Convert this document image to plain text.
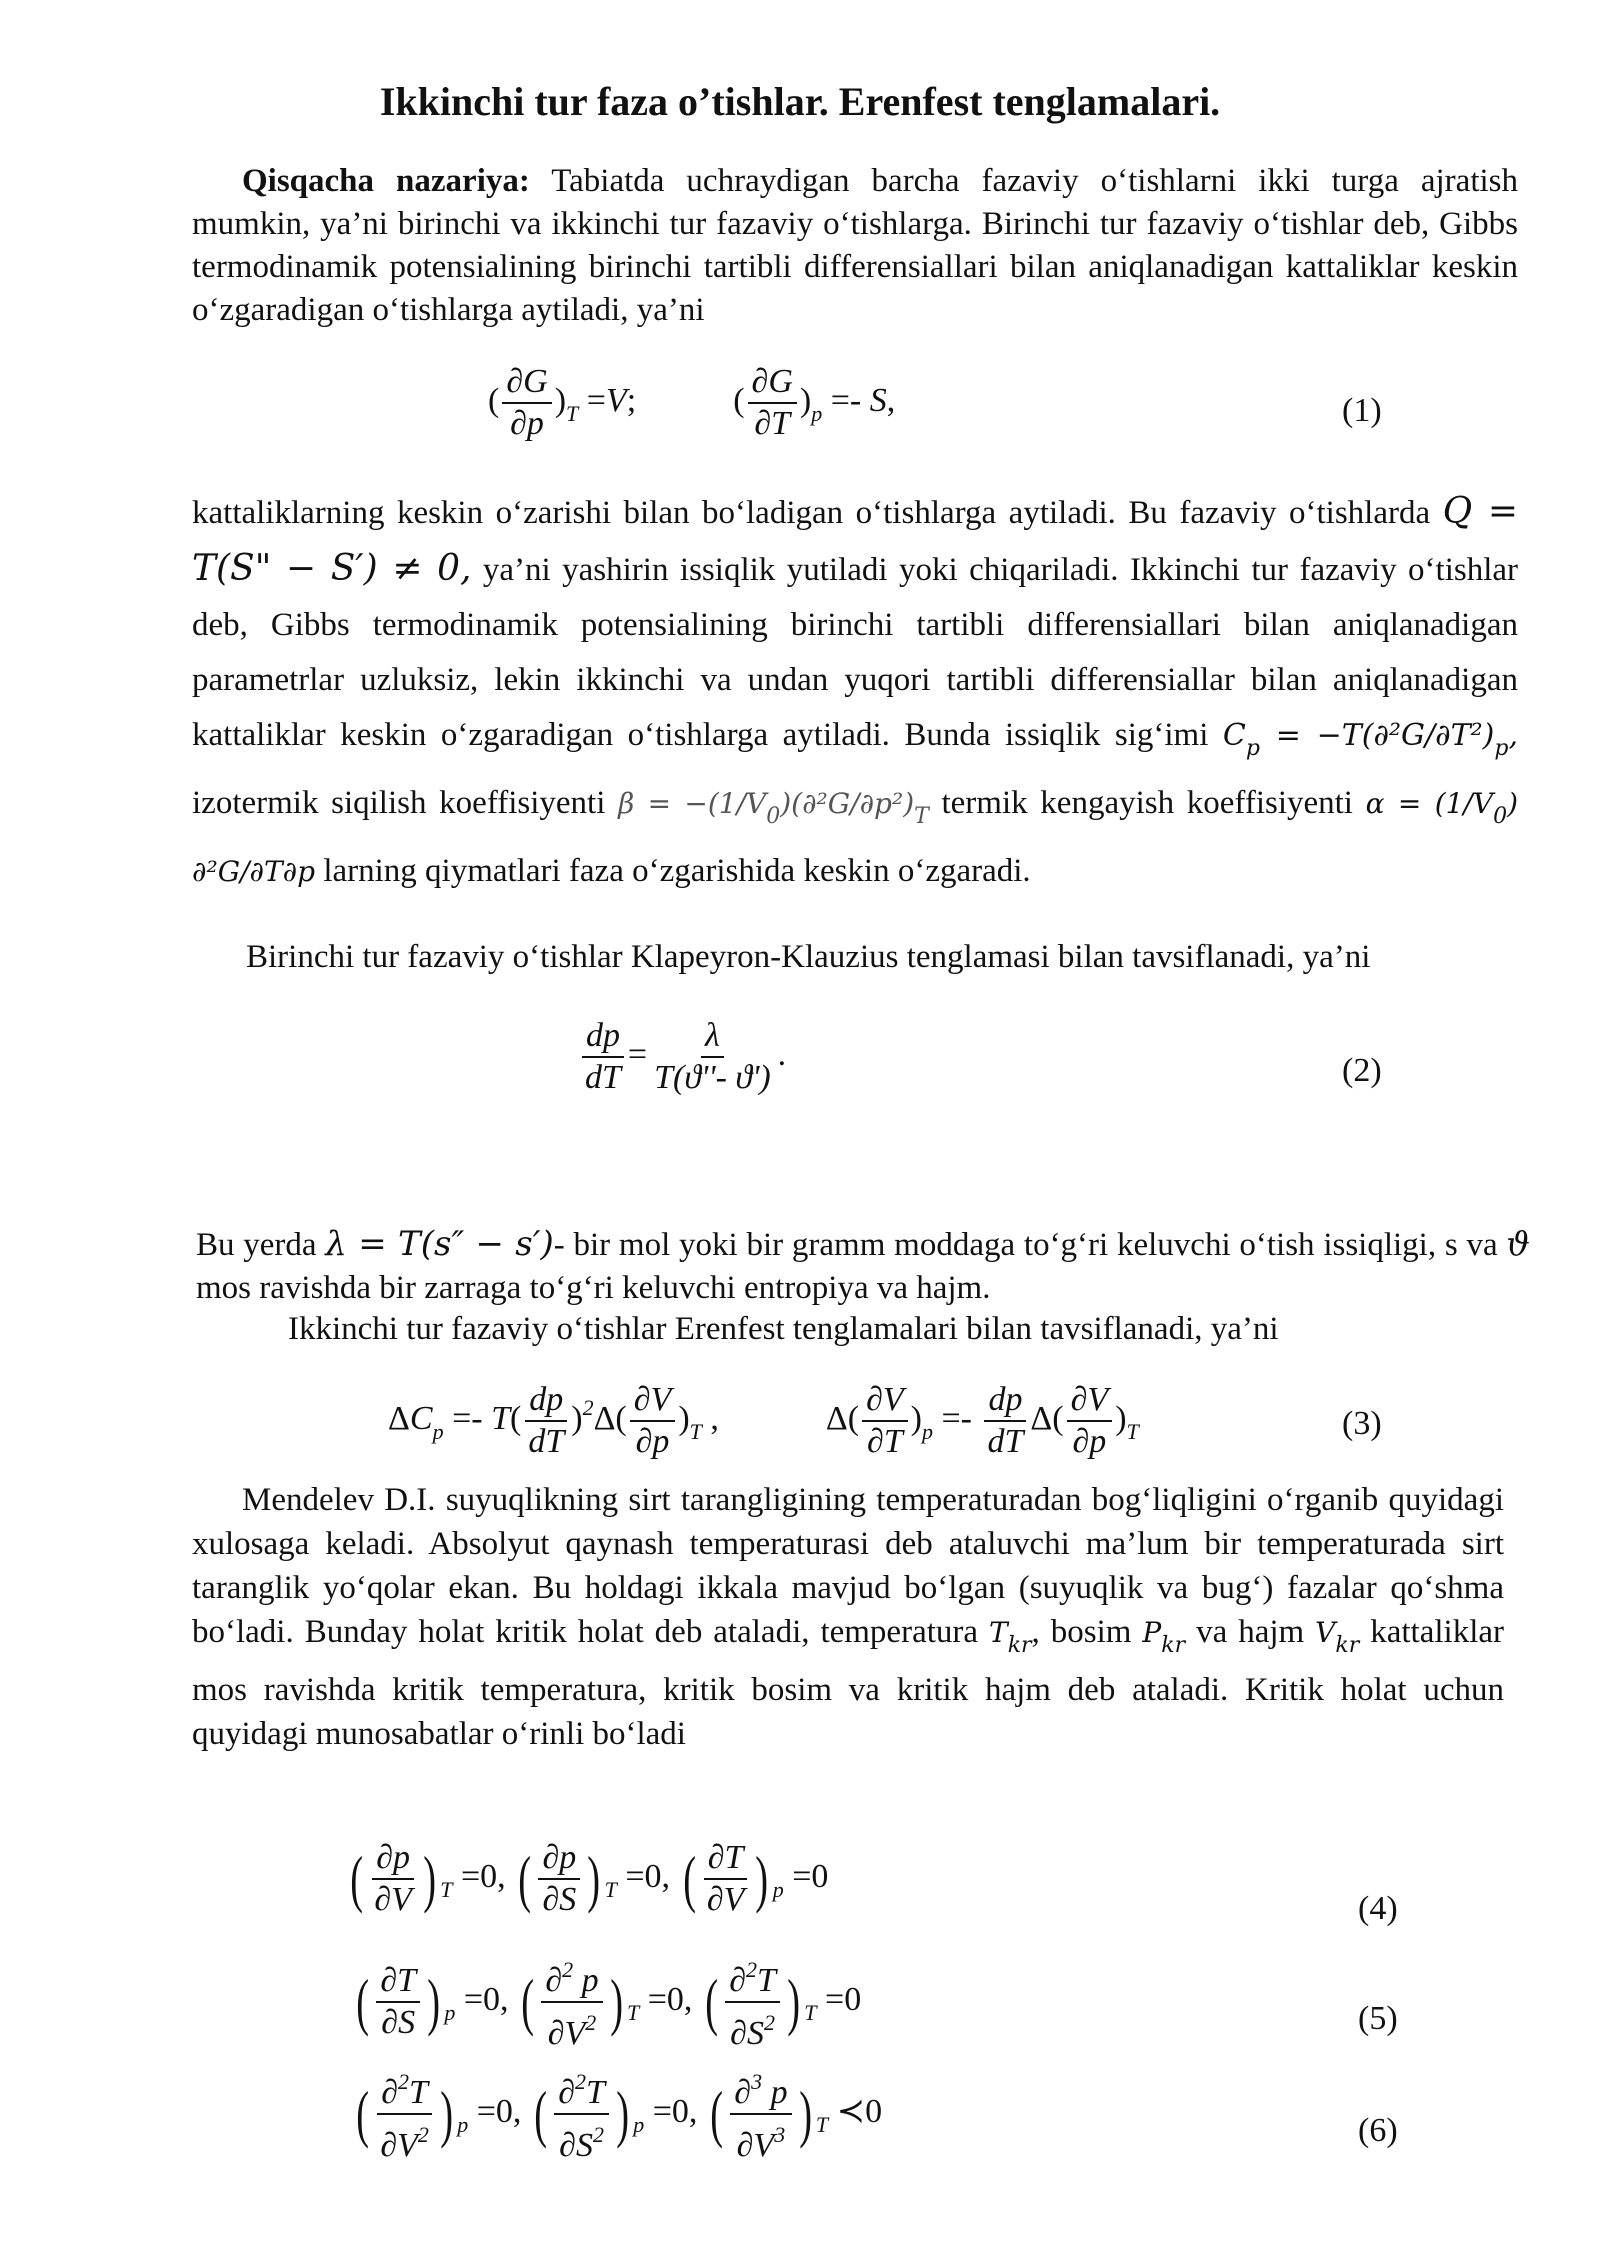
Ikkinchi tur faza o’tishlar. Erenfest tenglamalari.
Qisqacha nazariya: Tabiatda uchraydigan barcha fazaviy o‘tishlarni ikki turga ajratish mumkin, ya’ni birinchi va ikkinchi tur fazaviy o‘tishlarga. Birinchi tur fazaviy o‘tishlar deb, Gibbs termodinamik potensialining birinchi tartibli differensiallari bilan aniqlanadigan kattaliklar keskin o‘zgaradigan o‘tishlarga aytiladi, ya’ni
( $\frac{\partial G}{\partial p} )_T =V$;	( $\frac{\partial G}{\partial T} )_p =- S$,	(1)
kattaliklarning keskin o‘zarishi bilan bo‘ladigan o‘tishlarga aytiladi. Bu fazaviy o‘tishlarda Q = T(S" − S′) ≠ 0, ya’ni yashirin issiqlik yutiladi yoki chiqariladi. Ikkinchi tur fazaviy o‘tishlar deb, Gibbs termodinamik potensialining birinchi tartibli differensiallari bilan aniqlanadigan parametrlar uzluksiz, lekin ikkinchi va undan yuqori tartibli differensiallar bilan aniqlanadigan kattaliklar keskin o‘zgaradigan o‘tishlarga aytiladi. Bunda issiqlik sig‘imi $C_p = -T(\partial^2G/\partial T^2)_p$, izotermik siqilish koeffisiyenti $\beta = -(1/V_0)(\partial^2G/\partial p^2)_T$ termik kengayish koeffisiyenti $\alpha = (1/V_0)$ ∂²G/∂T∂p larning qiymatlari faza o‘zgarishida keskin o‘zgaradi.
Birinchi tur fazaviy o‘tishlar Klapeyron-Klauzius tenglamasi bilan tavsiflanadi, ya’ni
$\frac{dp}{dT} = \frac{\lambda}{T(ϑ''- ϑ')}$ .	(2)
Bu yerda λ = T(s″ − s′)- bir mol yoki bir gramm moddaga to‘g‘ri keluvchi o‘tish issiqligi, s va ϑ mos ravishda bir zarraga to‘g‘ri keluvchi entropiya va hajm.
Ikkinchi tur fazaviy o‘tishlar Erenfest tenglamalari bilan tavsiflanadi, ya’ni
$\Delta C_p =- T( \frac{dp}{dT} )^2\Delta( \frac{\partial V}{\partial p} )_T$ ,	$\Delta( \frac{\partial V}{\partial T} )_p =- \frac{dp}{dT} \Delta( \frac{\partial V}{\partial p} )_T$	(3)
Mendelev D.I. suyuqlikning sirt tarangligining temperaturadan bog‘liqligini o‘rganib quyidagi xulosaga keladi. Absolyut qaynash temperaturasi deb ataluvchi ma’lum bir temperaturada sirt taranglik yo‘qolar ekan. Bu holdagi ikkala mavjud bo‘lgan (suyuqlik va bug‘) fazalar qo‘shma bo‘ladi. Bunday holat kritik holat deb ataladi, temperatura $T_{kr}$, bosim $P_{kr}$ va hajm $V_{kr}$ kattaliklar mos ravishda kritik temperatura, kritik bosim va kritik hajm deb ataladi. Kritik holat uchun quyidagi munosabatlar o‘rinli bo‘ladi
( $\frac{\partial p}{\partial V}$ ) $_T$ =0, ( $\frac{\partial p}{\partial S}$ ) $_T$ =0, ( $\frac{\partial T}{\partial V}$ ) $_p$ =0
(4)
( $\frac{\partial T}{\partial S}$ ) $_p$ =0, ( $\frac{\partial^2 p}{\partial V^2}$ ) $_T$ =0, ( $\frac{\partial^2T}{\partial S^2}$ ) $_T$ =0
(5)
( $\frac{\partial^2T}{\partial V^2}$ ) $_p$ =0, ( $\frac{\partial^2T}{\partial S^2}$ ) $_p$ =0, ( $\frac{\partial^3 p}{\partial V^3}$ ) $_T$ ≺0
(6)
